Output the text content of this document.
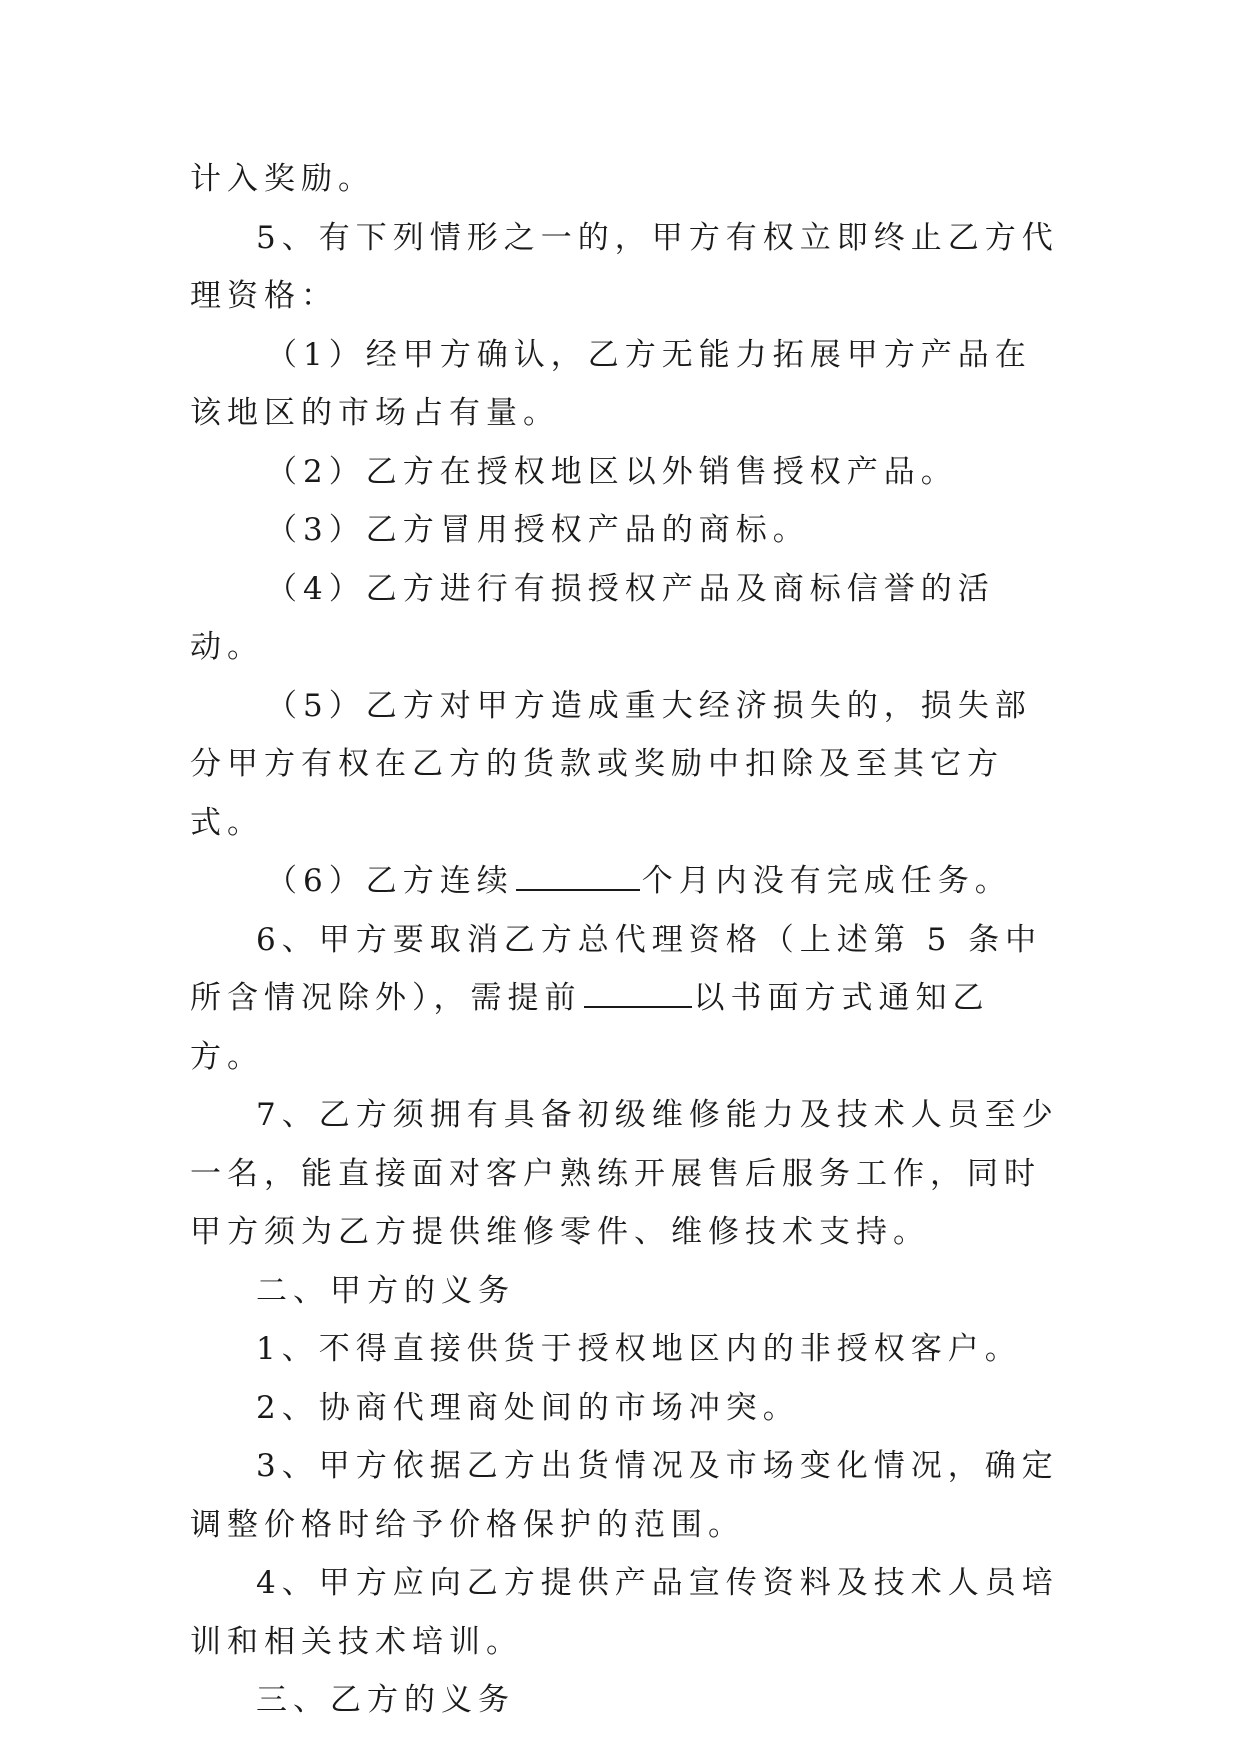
计入奖励。

5、有下列情形之一的，甲方有权立即终止乙方代理资格：

（1）经甲方确认，乙方无能力拓展甲方产品在该地区的市场占有量。

（2）乙方在授权地区以外销售授权产品。

（3）乙方冒用授权产品的商标。

（4）乙方进行有损授权产品及商标信誉的活动。

（5）乙方对甲方造成重大经济损失的，损失部分甲方有权在乙方的货款或奖励中扣除及至其它方式。

（6）乙方连续	个月内没有完成任务。

6、甲方要取消乙方总代理资格（上述第 5 条中所含情况除外），需提前	以书面方式通知乙方。

7、乙方须拥有具备初级维修能力及技术人员至少一名，能直接面对客户熟练开展售后服务工作，同时甲方须为乙方提供维修零件、维修技术支持。

二、甲方的义务

1、不得直接供货于授权地区内的非授权客户。

2、协商代理商处间的市场冲突。

3、甲方依据乙方出货情况及市场变化情况，确定调整价格时给予价格保护的范围。

4、甲方应向乙方提供产品宣传资料及技术人员培训和相关技术培训。

三、乙方的义务
